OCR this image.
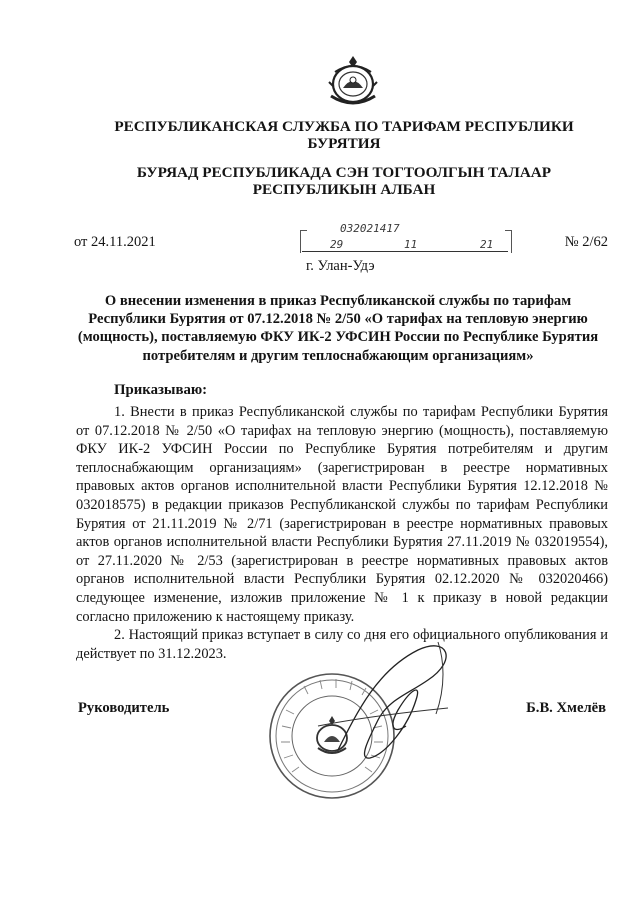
РЕСПУБЛИКАНСКАЯ СЛУЖБА ПО ТАРИФАМ РЕСПУБЛИКИ БУРЯТИЯ
БУРЯАД РЕСПУБЛИКАДА СЭН ТОГТООЛГЫН ТАЛААР РЕСПУБЛИКЫН АЛБАН
от 24.11.2021
032021417
29	11	21	№ 2/62
г. Улан-Удэ
О внесении изменения в приказ Республиканской службы по тарифам Республики Бурятия от 07.12.2018 № 2/50 «О тарифах на тепловую энергию (мощность), поставляемую ФКУ ИК-2 УФСИН России по Республике Бурятия потребителям и другим теплоснабжающим организациям»
Приказываю:

1. Внести в приказ Республиканской службы по тарифам Республики Бурятия от 07.12.2018 № 2/50 «О тарифах на тепловую энергию (мощность), поставляемую ФКУ ИК-2 УФСИН России по Республике Бурятия потребителям и другим теплоснабжающим организациям» (зарегистрирован в реестре нормативных правовых актов органов исполнительной власти Республики Бурятия 12.12.2018 № 032018575) в редакции приказов Республиканской службы по тарифам Республики Бурятия от 21.11.2019 № 2/71 (зарегистрирован в реестре нормативных правовых актов органов исполнительной власти Республики Бурятия 27.11.2019 № 032019554), от 27.11.2020 № 2/53 (зарегистрирован в реестре нормативных правовых актов органов исполнительной власти Республики Бурятия 02.12.2020 № 032020466) следующее изменение, изложив приложение № 1 к приказу в новой редакции согласно приложению к настоящему приказу.

2. Настоящий приказ вступает в силу со дня его официального опубликования и действует по 31.12.2023.

Руководитель	Б.В. Хмелёв
